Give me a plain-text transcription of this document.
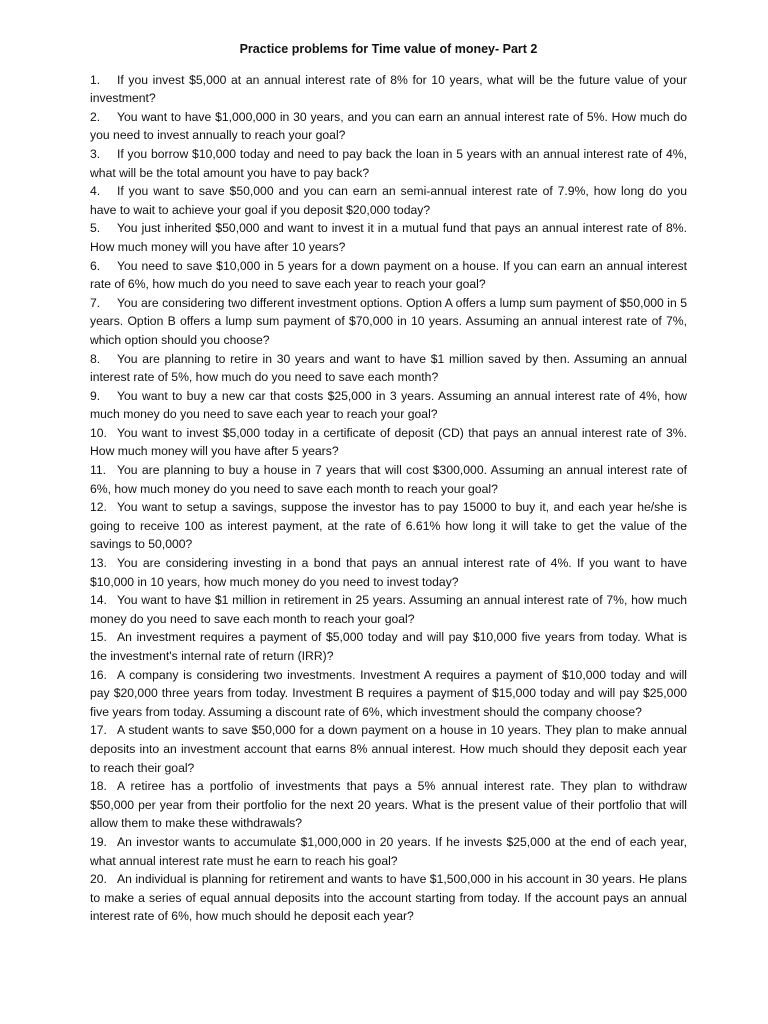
Practice problems for Time value of money- Part 2

1. If you invest $5,000 at an annual interest rate of 8% for 10 years, what will be the future value of your investment?

2. You want to have $1,000,000 in 30 years, and you can earn an annual interest rate of 5%. How much do you need to invest annually to reach your goal?

3. If you borrow $10,000 today and need to pay back the loan in 5 years with an annual interest rate of 4%, what will be the total amount you have to pay back?

4. If you want to save $50,000 and you can earn an semi-annual interest rate of 7.9%, how long do you have to wait to achieve your goal if you deposit $20,000 today?

5. You just inherited $50,000 and want to invest it in a mutual fund that pays an annual interest rate of 8%. How much money will you have after 10 years?

6. You need to save $10,000 in 5 years for a down payment on a house. If you can earn an annual interest rate of 6%, how much do you need to save each year to reach your goal?

7. You are considering two different investment options. Option A offers a lump sum payment of $50,000 in 5 years. Option B offers a lump sum payment of $70,000 in 10 years. Assuming an annual interest rate of 7%, which option should you choose?

8. You are planning to retire in 30 years and want to have $1 million saved by then. Assuming an annual interest rate of 5%, how much do you need to save each month?

9. You want to buy a new car that costs $25,000 in 3 years. Assuming an annual interest rate of 4%, how much money do you need to save each year to reach your goal?

10. You want to invest $5,000 today in a certificate of deposit (CD) that pays an annual interest rate of 3%. How much money will you have after 5 years?

11. You are planning to buy a house in 7 years that will cost $300,000. Assuming an annual interest rate of 6%, how much money do you need to save each month to reach your goal?

12. You want to setup a savings, suppose the investor has to pay 15000 to buy it, and each year he/she is going to receive 100 as interest payment, at the rate of 6.61% how long it will take to get the value of the savings to 50,000?

13. You are considering investing in a bond that pays an annual interest rate of 4%. If you want to have $10,000 in 10 years, how much money do you need to invest today?

14. You want to have $1 million in retirement in 25 years. Assuming an annual interest rate of 7%, how much money do you need to save each month to reach your goal?

15. An investment requires a payment of $5,000 today and will pay $10,000 five years from today. What is the investment's internal rate of return (IRR)?

16. A company is considering two investments. Investment A requires a payment of $10,000 today and will pay $20,000 three years from today. Investment B requires a payment of $15,000 today and will pay $25,000 five years from today. Assuming a discount rate of 6%, which investment should the company choose?

17. A student wants to save $50,000 for a down payment on a house in 10 years. They plan to make annual deposits into an investment account that earns 8% annual interest. How much should they deposit each year to reach their goal?

18. A retiree has a portfolio of investments that pays a 5% annual interest rate. They plan to withdraw $50,000 per year from their portfolio for the next 20 years. What is the present value of their portfolio that will allow them to make these withdrawals?

19. An investor wants to accumulate $1,000,000 in 20 years. If he invests $25,000 at the end of each year, what annual interest rate must he earn to reach his goal?

20. An individual is planning for retirement and wants to have $1,500,000 in his account in 30 years. He plans to make a series of equal annual deposits into the account starting from today. If the account pays an annual interest rate of 6%, how much should he deposit each year?
